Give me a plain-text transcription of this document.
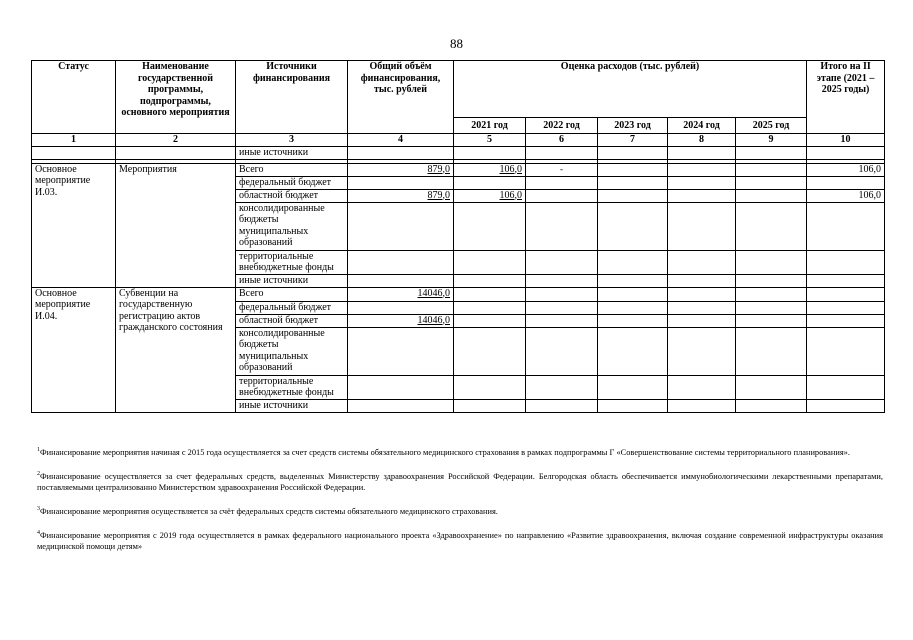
88
Статус	Наименование государственной программы, подпрограммы, основного мероприятия	Источники финансирования	Общий объём финансирования, тыс. рублей	Оценка расходов (тыс. рублей)					Итого на II этапе (2021 – 2025 годы)
				2021 год	2022 год	2023 год	2024 год	2025 год	
1	2	3	4	5	6	7	8	9	10
		иные источники							

Основное мероприятие И.03.	Мероприятия	Всего	879,0	106,0	-				106,0
		федеральный бюджет							
		областной бюджет	879,0	106,0					106,0
		консолидированные бюджеты муниципальных образований							
		территориальные внебюджетные фонды							
		иные источники							
Основное мероприятие И.04.	Субвенции на государственную регистрацию актов гражданского состояния	Всего	14046,0						
		федеральный бюджет							
		областной бюджет	14046,0						
		консолидированные бюджеты муниципальных образований							
		территориальные внебюджетные фонды							
		иные источники							

$^1$Финансирование мероприятия начиная с 2015 года осуществляется за счет средств системы обязательного медицинского страхования в рамках подпрограммы Г «Совершенствование системы территориального планирования».

$^2$Финансирование осуществляется за счет федеральных средств, выделенных Министерству здравоохранения Российской Федерации. Белгородская область обеспечивается иммунобиологическими лекарственными препаратами, поставляемыми централизованно Министерством здравоохранения Российской Федерации.

$^3$Финансирование мероприятия осуществляется за счёт федеральных средств системы обязательного медицинского страхования.

$^4$Финансирование мероприятия с 2019 года осуществляется в рамках федерального национального проекта «Здравоохранение» по направлению «Развитие здравоохранения, включая создание современной инфраструктуры оказания медицинской помощи детям»
